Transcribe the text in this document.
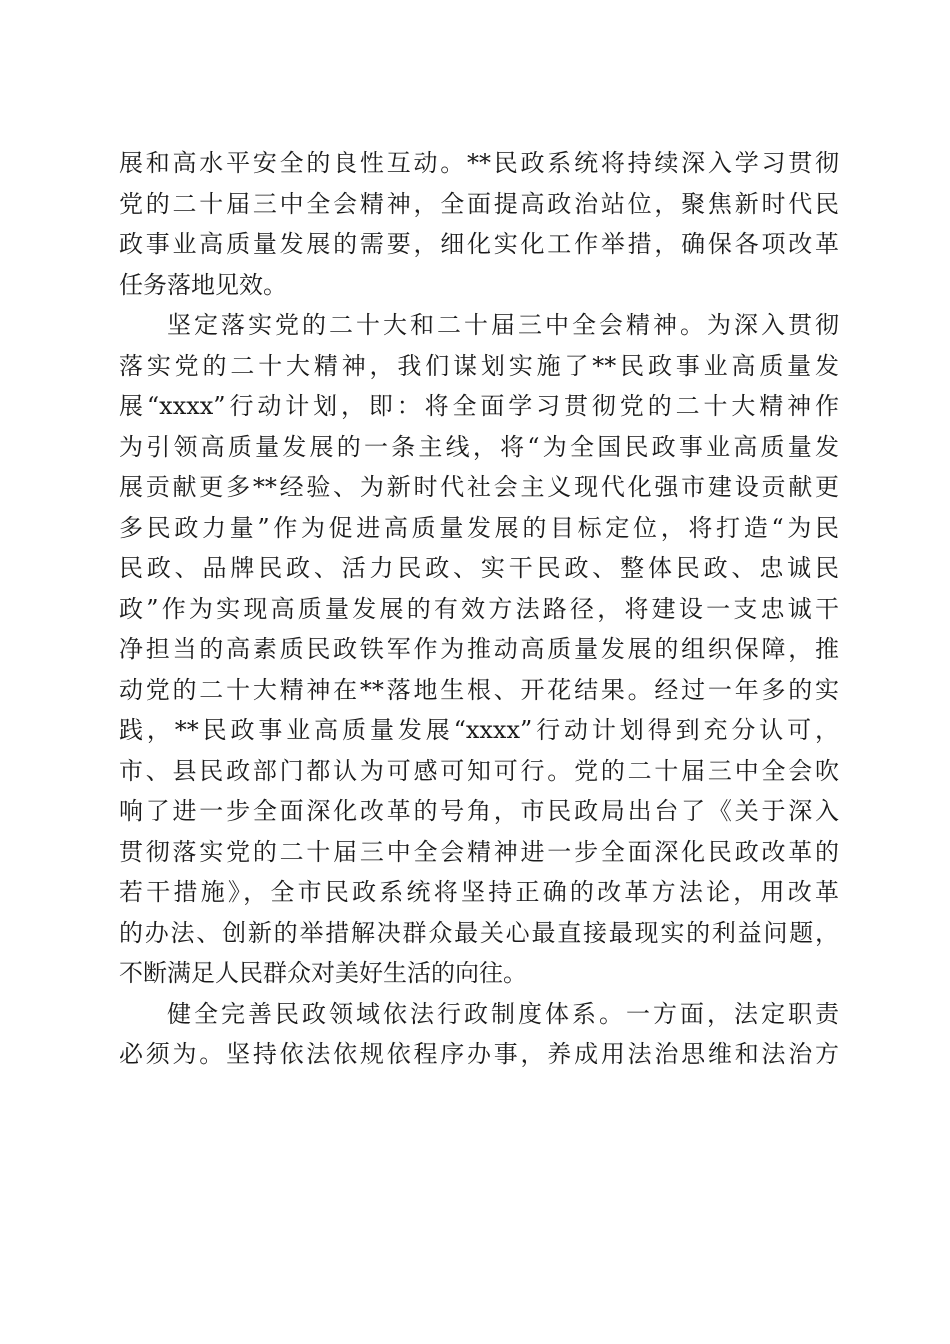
展和高水平安全的良性互动。**民政系统将持续深入学习贯彻
党的二十届三中全会精神，全面提高政治站位，聚焦新时代民
政事业高质量发展的需要，细化实化工作举措，确保各项改革
任务落地见效。
坚定落实党的二十大和二十届三中全会精神。为深入贯彻
落实党的二十大精神，我们谋划实施了**民政事业高质量发
展“xxxx”行动计划，即：将全面学习贯彻党的二十大精神作
为引领高质量发展的一条主线，将“为全国民政事业高质量发
展贡献更多**经验、为新时代社会主义现代化强市建设贡献更
多民政力量”作为促进高质量发展的目标定位，将打造“为民
民政、品牌民政、活力民政、实干民政、整体民政、忠诚民
政”作为实现高质量发展的有效方法路径，将建设一支忠诚干
净担当的高素质民政铁军作为推动高质量发展的组织保障，推
动党的二十大精神在**落地生根、开花结果。经过一年多的实
践，**民政事业高质量发展“xxxx”行动计划得到充分认可，
市、县民政部门都认为可感可知可行。党的二十届三中全会吹
响了进一步全面深化改革的号角，市民政局出台了《关于深入
贯彻落实党的二十届三中全会精神进一步全面深化民政改革的
若干措施》，全市民政系统将坚持正确的改革方法论，用改革
的办法、创新的举措解决群众最关心最直接最现实的利益问题，
不断满足人民群众对美好生活的向往。
健全完善民政领域依法行政制度体系。一方面，法定职责
必须为。坚持依法依规依程序办事，养成用法治思维和法治方
